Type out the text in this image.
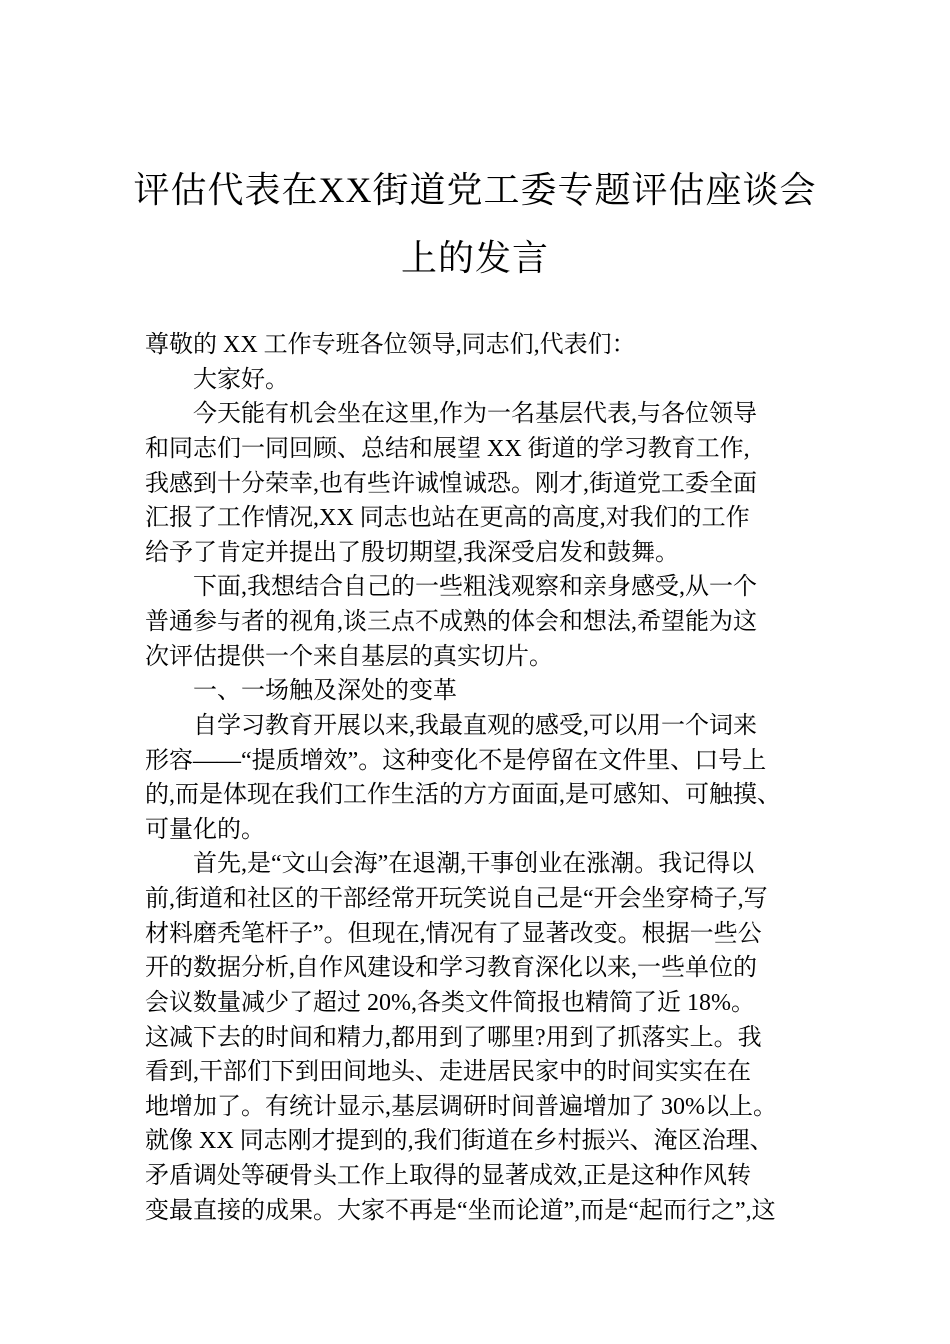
评估代表在XX街道党工委专题评估座谈会
上的发言
尊敬的 XX 工作专班各位领导,同志们,代表们：
大家好。
今天能有机会坐在这里,作为一名基层代表,与各位领导
和同志们一同回顾、总结和展望 XX 街道的学习教育工作,
我感到十分荣幸,也有些许诚惶诚恐。刚才,街道党工委全面
汇报了工作情况,XX 同志也站在更高的高度,对我们的工作
给予了肯定并提出了殷切期望,我深受启发和鼓舞。
下面,我想结合自己的一些粗浅观察和亲身感受,从一个
普通参与者的视角,谈三点不成熟的体会和想法,希望能为这
次评估提供一个来自基层的真实切片。
一、一场触及深处的变革
自学习教育开展以来,我最直观的感受,可以用一个词来
形容——“提质增效”。这种变化不是停留在文件里、口号上
的,而是体现在我们工作生活的方方面面,是可感知、可触摸、
可量化的。
首先,是“文山会海”在退潮,干事创业在涨潮。我记得以
前,街道和社区的干部经常开玩笑说自己是“开会坐穿椅子,写
材料磨秃笔杆子”。但现在,情况有了显著改变。根据一些公
开的数据分析,自作风建设和学习教育深化以来,一些单位的
会议数量减少了超过 20%,各类文件简报也精简了近 18%。
这减下去的时间和精力,都用到了哪里?用到了抓落实上。我
看到,干部们下到田间地头、走进居民家中的时间实实在在
地增加了。有统计显示,基层调研时间普遍增加了 30%以上。
就像 XX 同志刚才提到的,我们街道在乡村振兴、淹区治理、
矛盾调处等硬骨头工作上取得的显著成效,正是这种作风转
变最直接的成果。大家不再是“坐而论道”,而是“起而行之”,这
